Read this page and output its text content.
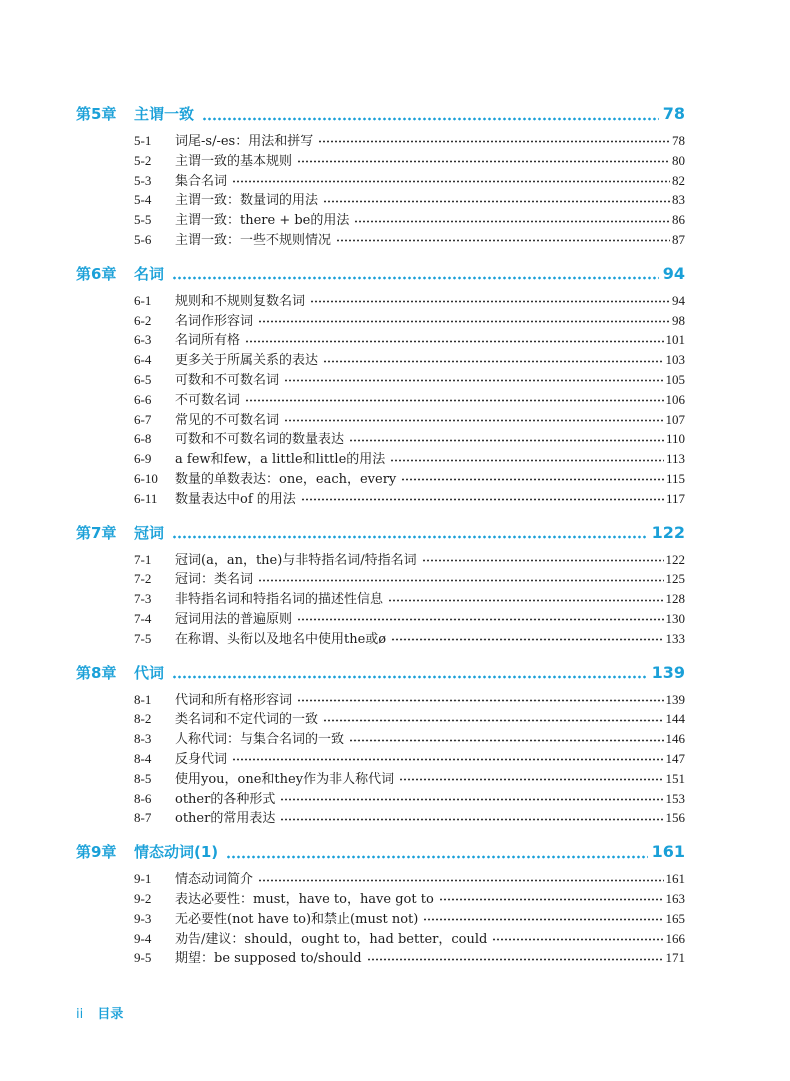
第5章	主谓一致	78
5-1	词尾-s/-es：用法和拼写	78
5-2	主谓一致的基本规则	80
5-3	集合名词	82
5-4	主谓一致：数量词的用法	83
5-5	主谓一致：there + be的用法	86
5-6	主谓一致：一些不规则情况	87
第6章	名词	94
6-1	规则和不规则复数名词	94
6-2	名词作形容词	98
6-3	名词所有格	101
6-4	更多关于所属关系的表达	103
6-5	可数和不可数名词	105
6-6	不可数名词	106
6-7	常见的不可数名词	107
6-8	可数和不可数名词的数量表达	110
6-9	a few和few，a little和little的用法	113
6-10	数量的单数表达：one，each，every	115
6-11	数量表达中of 的用法	117
第7章	冠词	122
7-1	冠词(a，an，the)与非特指名词/特指名词	122
7-2	冠词：类名词	125
7-3	非特指名词和特指名词的描述性信息	128
7-4	冠词用法的普遍原则	130
7-5	在称谓、头衔以及地名中使用the或ø	133
第8章	代词	139
8-1	代词和所有格形容词	139
8-2	类名词和不定代词的一致	144
8-3	人称代词：与集合名词的一致	146
8-4	反身代词	147
8-5	使用you，one和they作为非人称代词	151
8-6	other的各种形式	153
8-7	other的常用表达	156
第9章	情态动词(1)	161
9-1	情态动词简介	161
9-2	表达必要性：must，have to，have got to	163
9-3	无必要性(not have to)和禁止(must not)	165
9-4	劝告/建议：should，ought to，had better，could	166
9-5	期望：be supposed to/should	171
ii 目录
